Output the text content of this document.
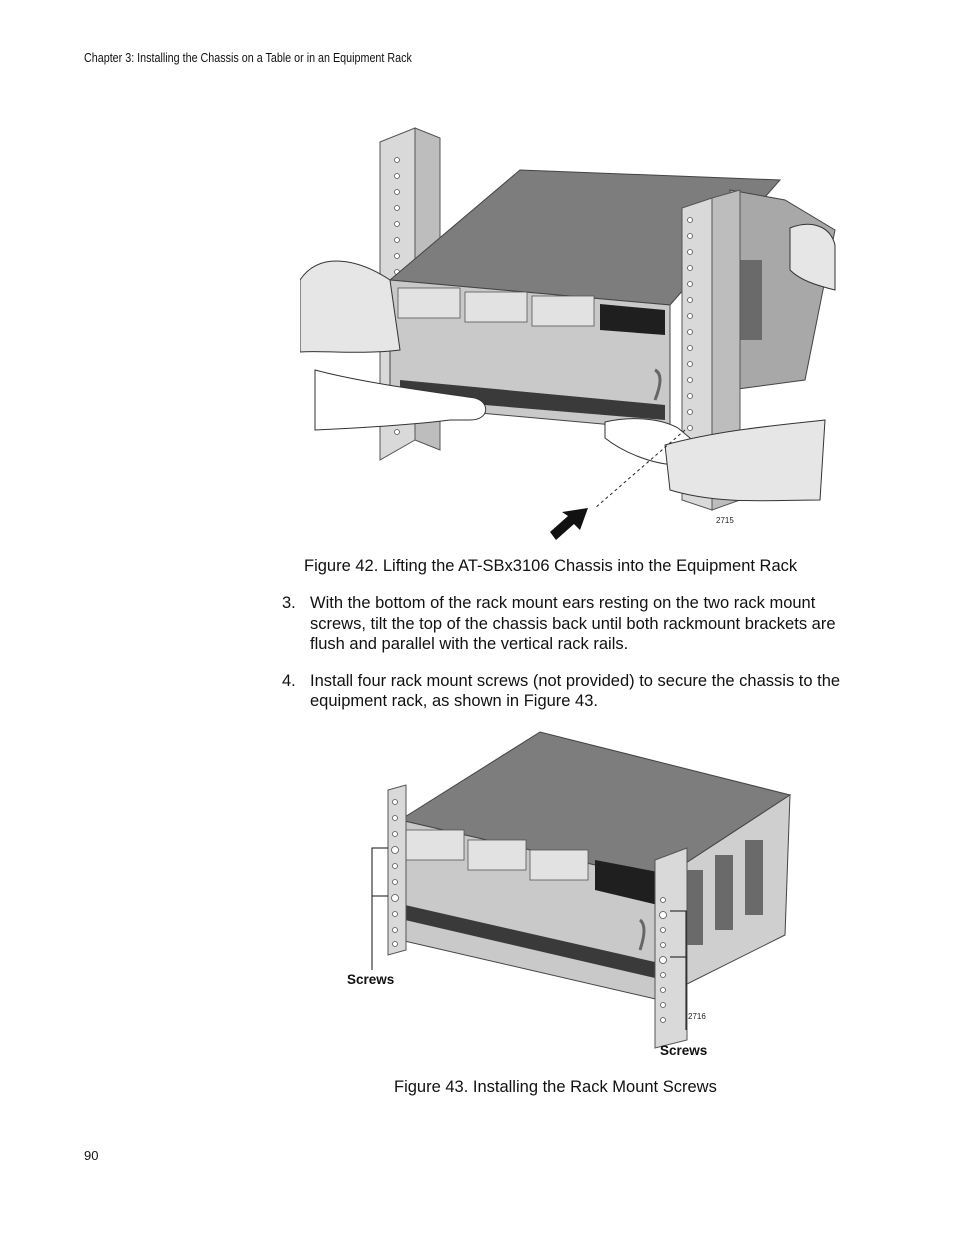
Chapter 3: Installing the Chassis on a Table or in an Equipment Rack
2715
Figure 42. Lifting the AT-SBx3106 Chassis into the Equipment Rack
3. With the bottom of the rack mount ears resting on the two rack mount screws, tilt the top of the chassis back until both rackmount brackets are flush and parallel with the vertical rack rails.
4. Install four rack mount screws (not provided) to secure the chassis to the equipment rack, as shown in Figure 43.
Screws
2716
Screws
Figure 43. Installing the Rack Mount Screws
90
